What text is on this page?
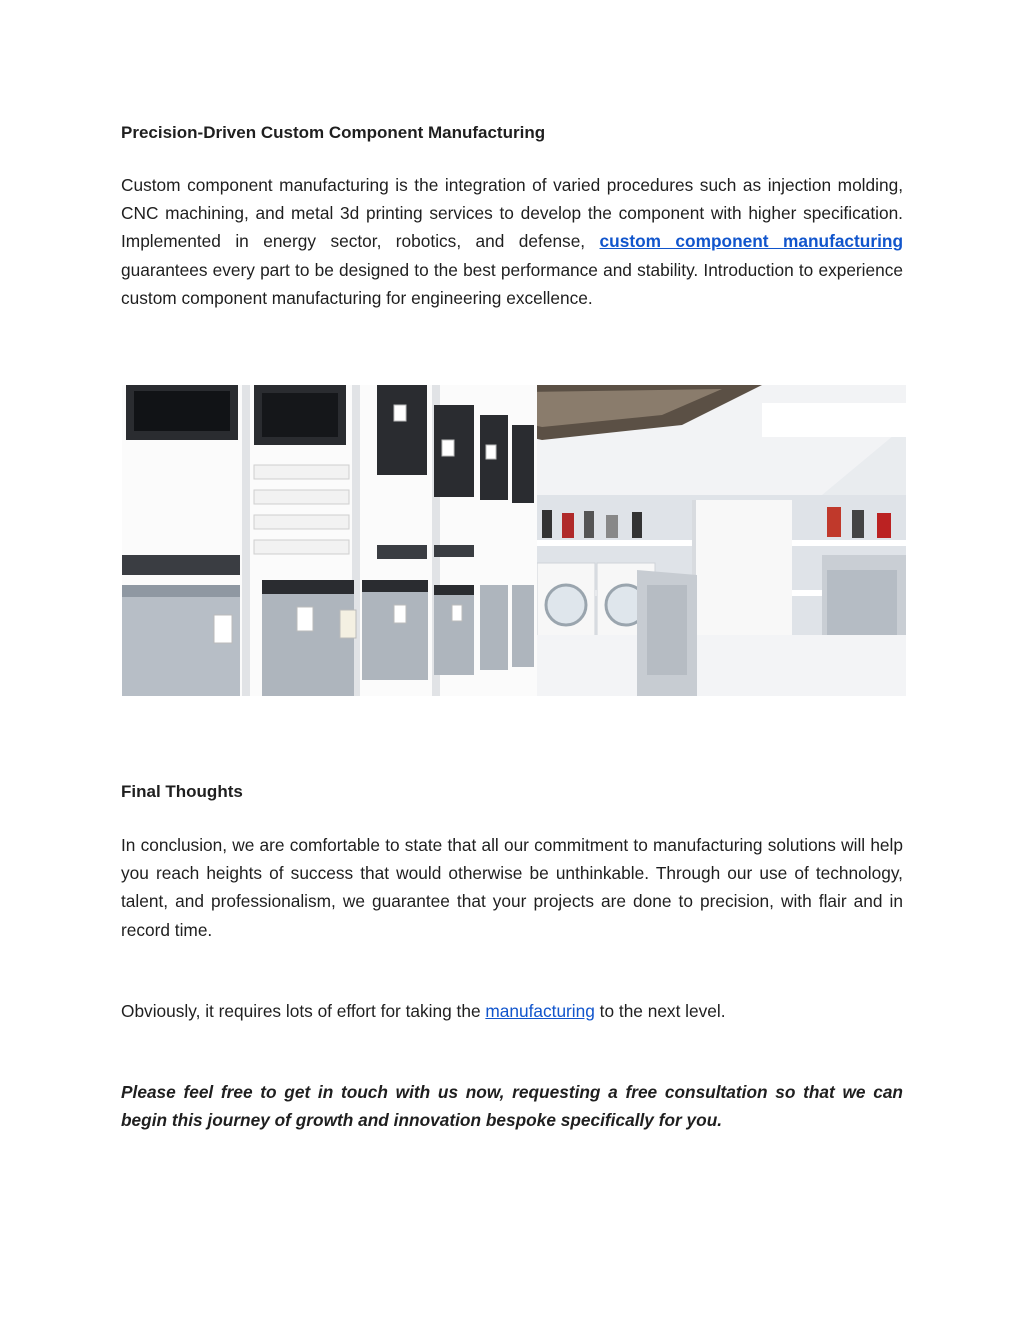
Precision-Driven Custom Component Manufacturing

Custom component manufacturing is the integration of varied procedures such as injection molding, CNC machining, and metal 3d printing services to develop the component with higher specification. Implemented in energy sector, robotics, and defense, custom component manufacturing guarantees every part to be designed to the best performance and stability. Introduction to experience custom component manufacturing for engineering excellence.

Final Thoughts

In conclusion, we are comfortable to state that all our commitment to manufacturing solutions will help you reach heights of success that would otherwise be unthinkable. Through our use of technology, talent, and professionalism, we guarantee that your projects are done to precision, with flair and in record time.

Obviously, it requires lots of effort for taking the manufacturing to the next level.

Please feel free to get in touch with us now, requesting a free consultation so that we can begin this journey of growth and innovation bespoke specifically for you.
